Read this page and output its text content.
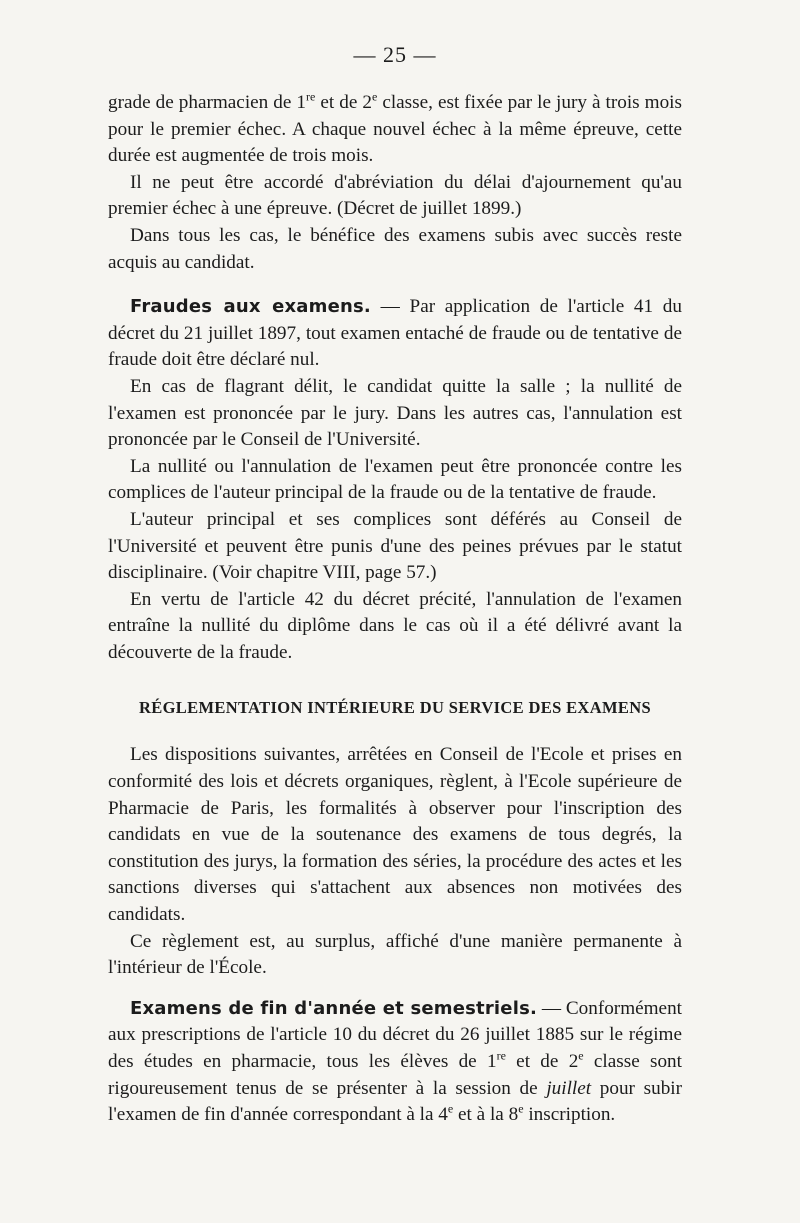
— 25 —

grade de pharmacien de 1re et de 2e classe, est fixée par le jury à trois mois pour le premier échec. A chaque nouvel échec à la même épreuve, cette durée est augmentée de trois mois.

Il ne peut être accordé d'abréviation du délai d'ajournement qu'au premier échec à une épreuve. (Décret de juillet 1899.)

Dans tous les cas, le bénéfice des examens subis avec succès reste acquis au candidat.

Fraudes aux examens. — Par application de l'article 41 du décret du 21 juillet 1897, tout examen entaché de fraude ou de tentative de fraude doit être déclaré nul.

En cas de flagrant délit, le candidat quitte la salle ; la nullité de l'examen est prononcée par le jury. Dans les autres cas, l'annulation est prononcée par le Conseil de l'Université.

La nullité ou l'annulation de l'examen peut être prononcée contre les complices de l'auteur principal de la fraude ou de la tentative de fraude.

L'auteur principal et ses complices sont déférés au Conseil de l'Université et peuvent être punis d'une des peines prévues par le statut disciplinaire. (Voir chapitre VIII, page 57.)

En vertu de l'article 42 du décret précité, l'annulation de l'examen entraîne la nullité du diplôme dans le cas où il a été délivré avant la découverte de la fraude.

RÉGLEMENTATION INTÉRIEURE DU SERVICE DES EXAMENS

Les dispositions suivantes, arrêtées en Conseil de l'Ecole et prises en conformité des lois et décrets organiques, règlent, à l'Ecole supérieure de Pharmacie de Paris, les formalités à observer pour l'inscription des candidats en vue de la soutenance des examens de tous degrés, la constitution des jurys, la formation des séries, la procédure des actes et les sanctions diverses qui s'attachent aux absences non motivées des candidats.

Ce règlement est, au surplus, affiché d'une manière permanente à l'intérieur de l'École.

Examens de fin d'année et semestriels. — Conformément aux prescriptions de l'article 10 du décret du 26 juillet 1885 sur le régime des études en pharmacie, tous les élèves de 1re et de 2e classe sont rigoureusement tenus de se présenter à la session de juillet pour subir l'examen de fin d'année correspondant à la 4e et à la 8e inscription.
